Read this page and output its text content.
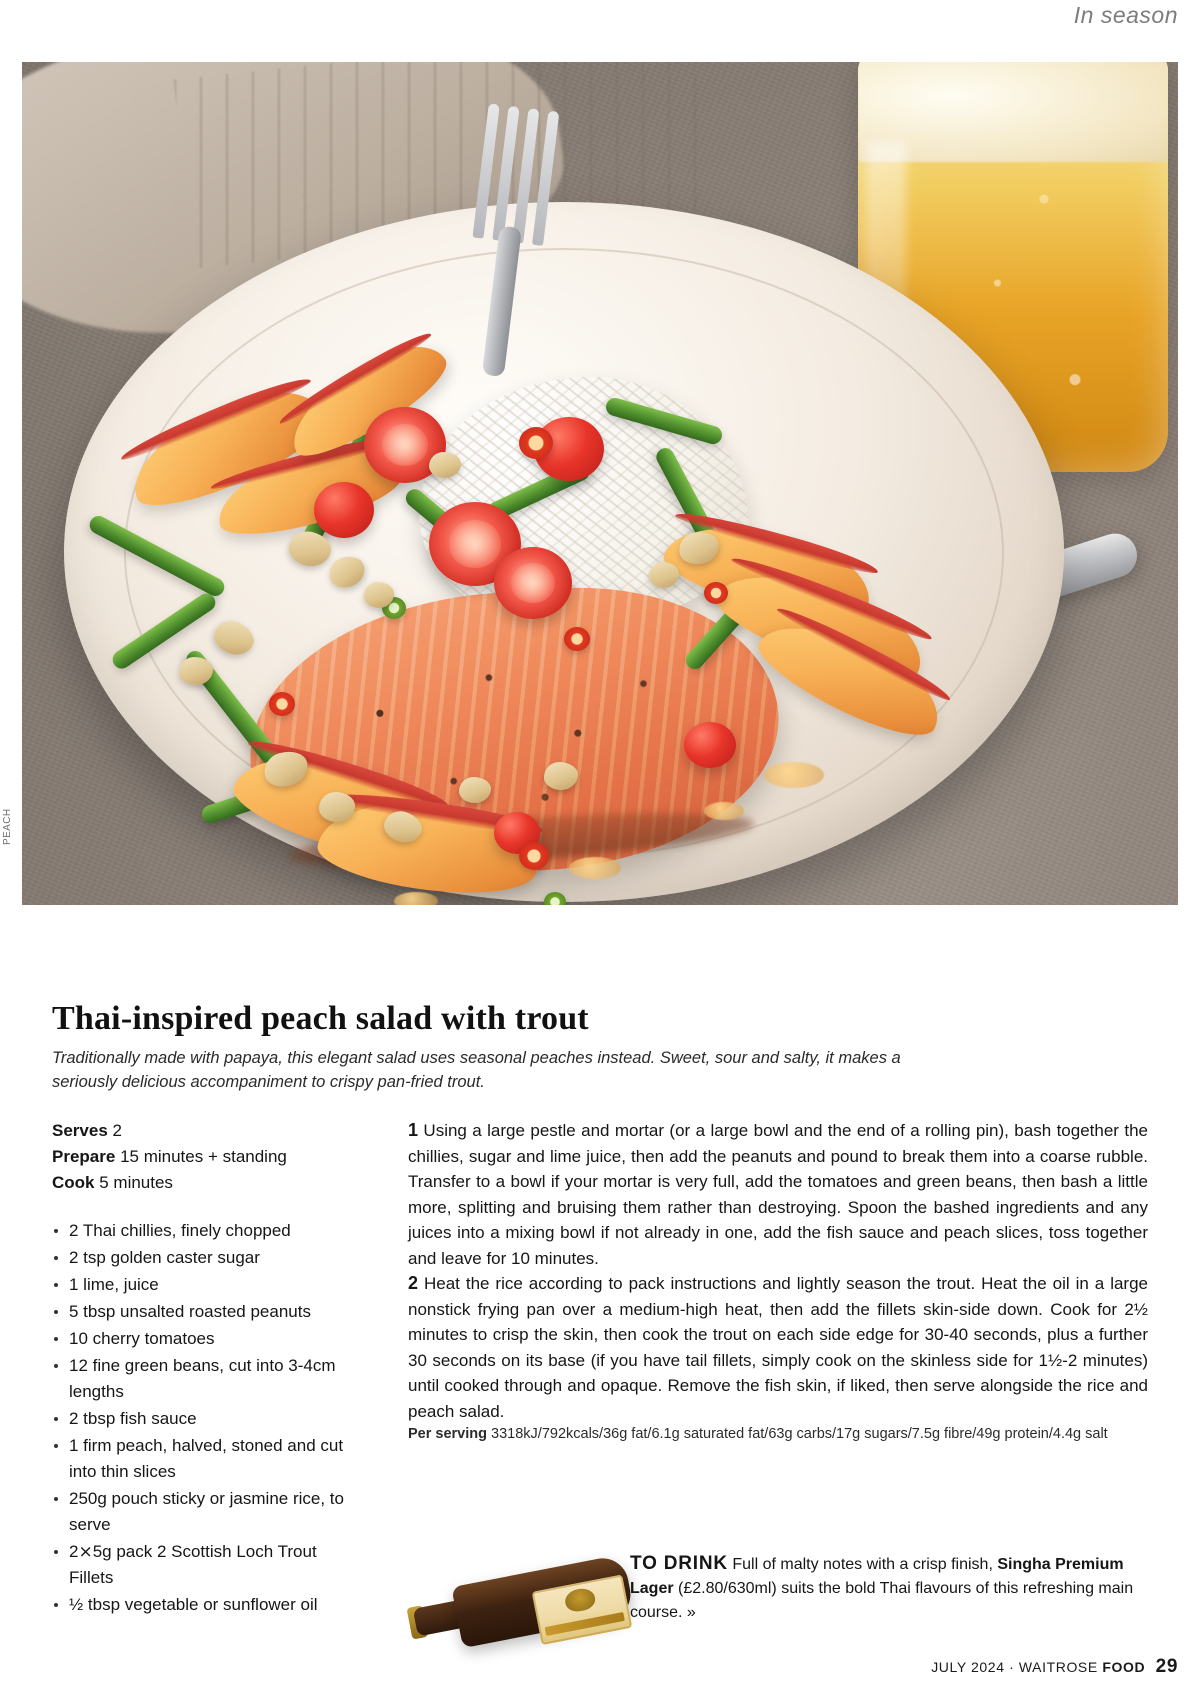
In season
PEACH
Thai-inspired peach salad with trout
Traditionally made with papaya, this elegant salad uses seasonal peaches instead. Sweet, sour and salty, it makes a seriously delicious accompaniment to crispy pan-fried trout.

Serves 2

Prepare 15 minutes + standing

Cook 5 minutes

2 Thai chillies, finely chopped
2 tsp golden caster sugar
1 lime, juice
5 tbsp unsalted roasted peanuts
10 cherry tomatoes
12 fine green beans, cut into 3-4cm lengths
2 tbsp fish sauce
1 firm peach, halved, stoned and cut into thin slices
250g pouch sticky or jasmine rice, to serve
2⨯5g pack 2 Scottish Loch Trout Fillets
½ tbsp vegetable or sunflower oil

1 Using a large pestle and mortar (or a large bowl and the end of a rolling pin), bash together the chillies, sugar and lime juice, then add the peanuts and pound to break them into a coarse rubble. Transfer to a bowl if your mortar is very full, add the tomatoes and green beans, then bash a little more, splitting and bruising them rather than destroying. Spoon the bashed ingredients and any juices into a mixing bowl if not already in one, add the fish sauce and peach slices, toss together and leave for 10 minutes.

2 Heat the rice according to pack instructions and lightly season the trout. Heat the oil in a large nonstick frying pan over a medium-high heat, then add the fillets skin-side down. Cook for 2½ minutes to crisp the skin, then cook the trout on each side edge for 30-40 seconds, plus a further 30 seconds on its base (if you have tail fillets, simply cook on the skinless side for 1½-2 minutes) until cooked through and opaque. Remove the fish skin, if liked, then serve alongside the rice and peach salad.

Per serving 3318kJ/792kcals/36g fat/6.1g saturated fat/63g carbs/17g sugars/7.5g fibre/49g protein/4.4g salt

TO DRINK Full of malty notes with a crisp finish, Singha Premium Lager (£2.80/630ml) suits the bold Thai flavours of this refreshing main course. »
JULY 2024 · WAITROSE FOOD 29
